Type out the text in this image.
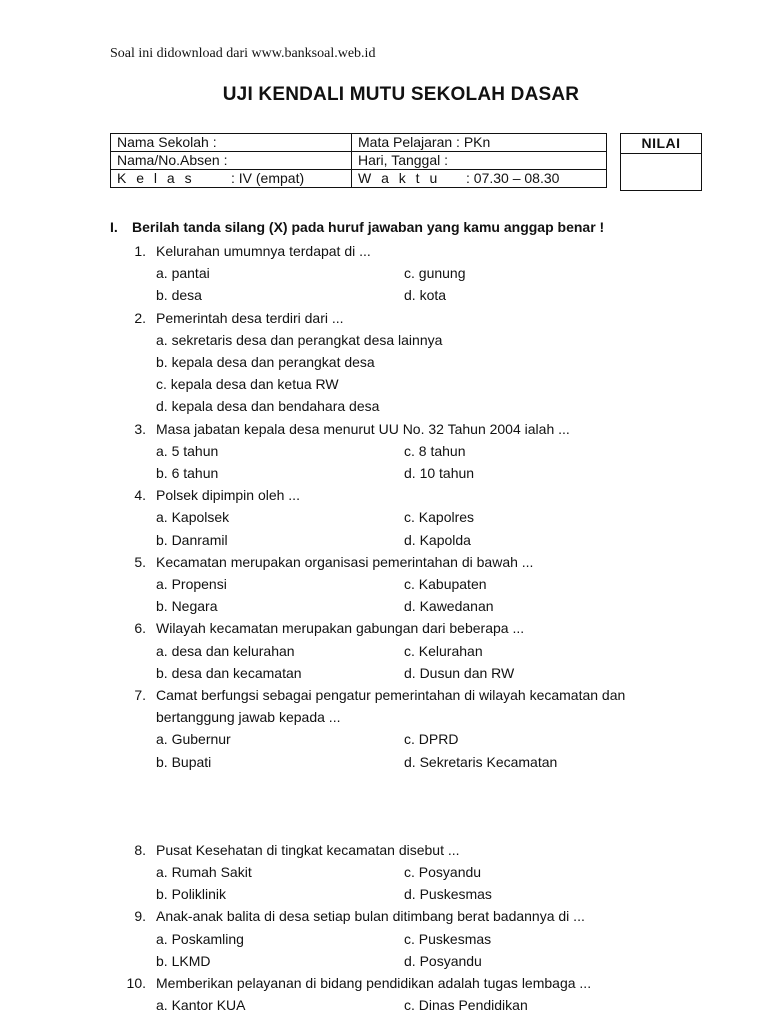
Soal ini didownload dari www.banksoal.web.id
UJI KENDALI MUTU SEKOLAH DASAR
Nama Sekolah :	Mata Pelajaran : PKn
Nama/No.Absen :	Hari, Tanggal :
K e l a s : IV (empat)	W a k t u : 07.30 – 08.30
NILAI
I. Berilah tanda silang (X) pada huruf jawaban yang kamu anggap benar !
1. Kelurahan umumnya terdapat di ...
a. pantai	c. gunung
b. desa	d. kota
2. Pemerintah desa terdiri dari ...
a. sekretaris desa dan perangkat desa lainnya
b. kepala desa dan perangkat desa
c. kepala desa dan ketua RW
d. kepala desa dan bendahara desa
3. Masa jabatan kepala desa menurut UU No. 32 Tahun 2004 ialah ...
a. 5 tahun	c. 8 tahun
b. 6 tahun	d. 10 tahun
4. Polsek dipimpin oleh ...
a. Kapolsek	c. Kapolres
b. Danramil	d. Kapolda
5. Kecamatan merupakan organisasi pemerintahan di bawah ...
a. Propensi	c. Kabupaten
b. Negara	d. Kawedanan
6. Wilayah kecamatan merupakan gabungan dari beberapa ...
a. desa dan kelurahan	c. Kelurahan
b. desa dan kecamatan	d. Dusun dan RW
7. Camat berfungsi sebagai pengatur pemerintahan di wilayah kecamatan dan
bertanggung jawab kepada ...
a. Gubernur	c. DPRD
b. Bupati	d. Sekretaris Kecamatan
8. Pusat Kesehatan di tingkat kecamatan disebut ...
a. Rumah Sakit	c. Posyandu
b. Poliklinik	d. Puskesmas
9. Anak-anak balita di desa setiap bulan ditimbang berat badannya di ...
a. Poskamling	c. Puskesmas
b. LKMD	d. Posyandu
10. Memberikan pelayanan di bidang pendidikan adalah tugas lembaga ...
a. Kantor KUA	c. Dinas Pendidikan
